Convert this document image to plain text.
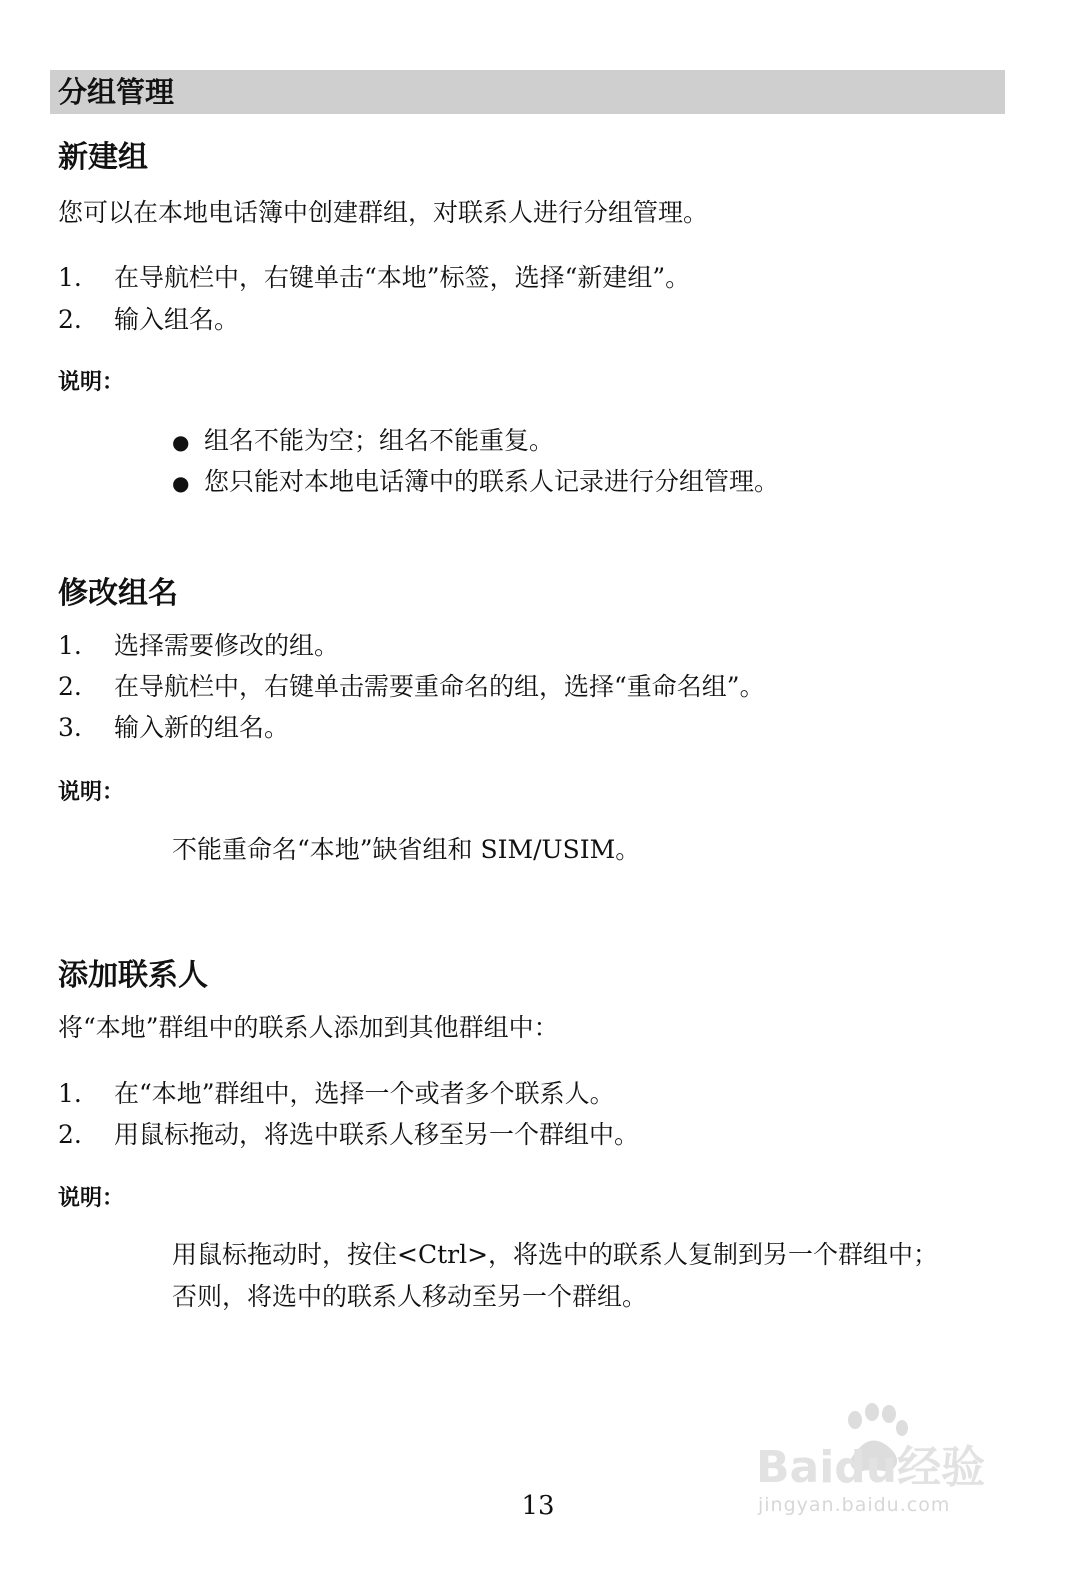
分组管理
新建组
您可以在本地电话簿中创建群组，对联系人进行分组管理。
1. 在导航栏中，右键单击“本地”标签，选择“新建组”。
2. 输入组名。
说明：
● 组名不能为空；组名不能重复。
● 您只能对本地电话簿中的联系人记录进行分组管理。
修改组名
1. 选择需要修改的组。
2. 在导航栏中，右键单击需要重命名的组，选择“重命名组”。
3. 输入新的组名。
说明：
不能重命名“本地”缺省组和 SIM/USIM。
添加联系人
将“本地”群组中的联系人添加到其他群组中：
1. 在“本地”群组中，选择一个或者多个联系人。
2. 用鼠标拖动，将选中联系人移至另一个群组中。
说明：
用鼠标拖动时，按住<Ctrl>，将选中的联系人复制到另一个群组中；
否则，将选中的联系人移动至另一个群组。
Baidu经验
jingyan.baidu.com
13
